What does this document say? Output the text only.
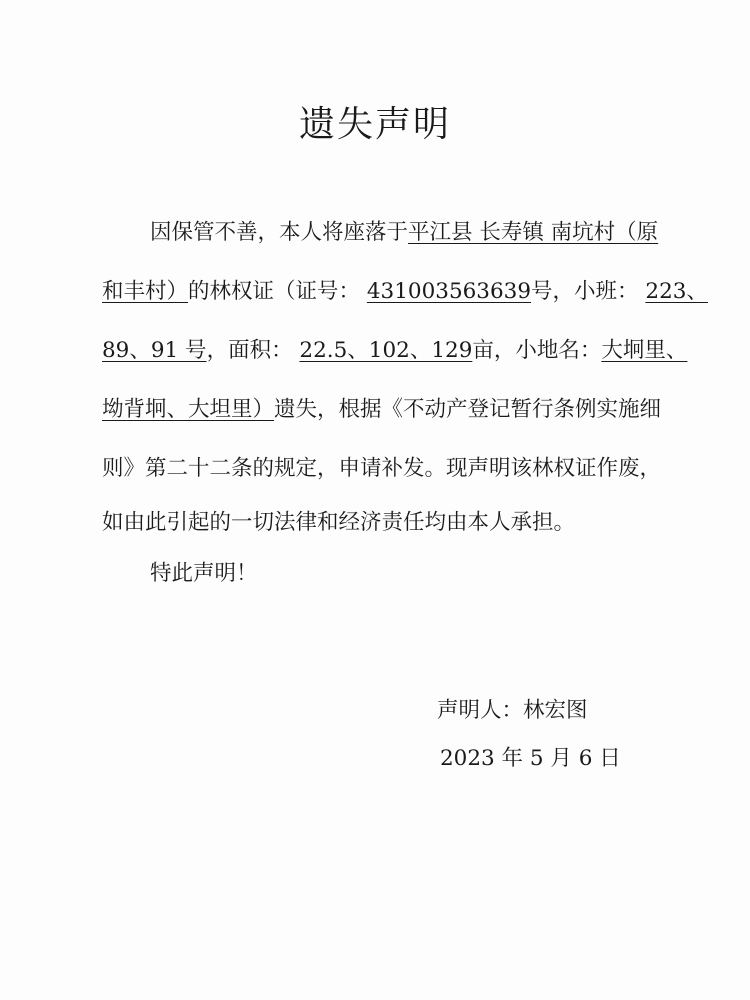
遗失声明
因保管不善，本人将座落于平江县 长寿镇 南坑村（原
和丰村）的林权证（证号： 431003563639号，小班： 223、
89、91 号，面积： 22.5、102、129亩，小地名：大坰里、
坳背坰、大坦里）遗失，根据《不动产登记暂行条例实施细
则》第二十二条的规定，申请补发。现声明该林权证作废，
如由此引起的一切法律和经济责任均由本人承担。
特此声明！
声明人：林宏图
2023 年 5 月 6 日
